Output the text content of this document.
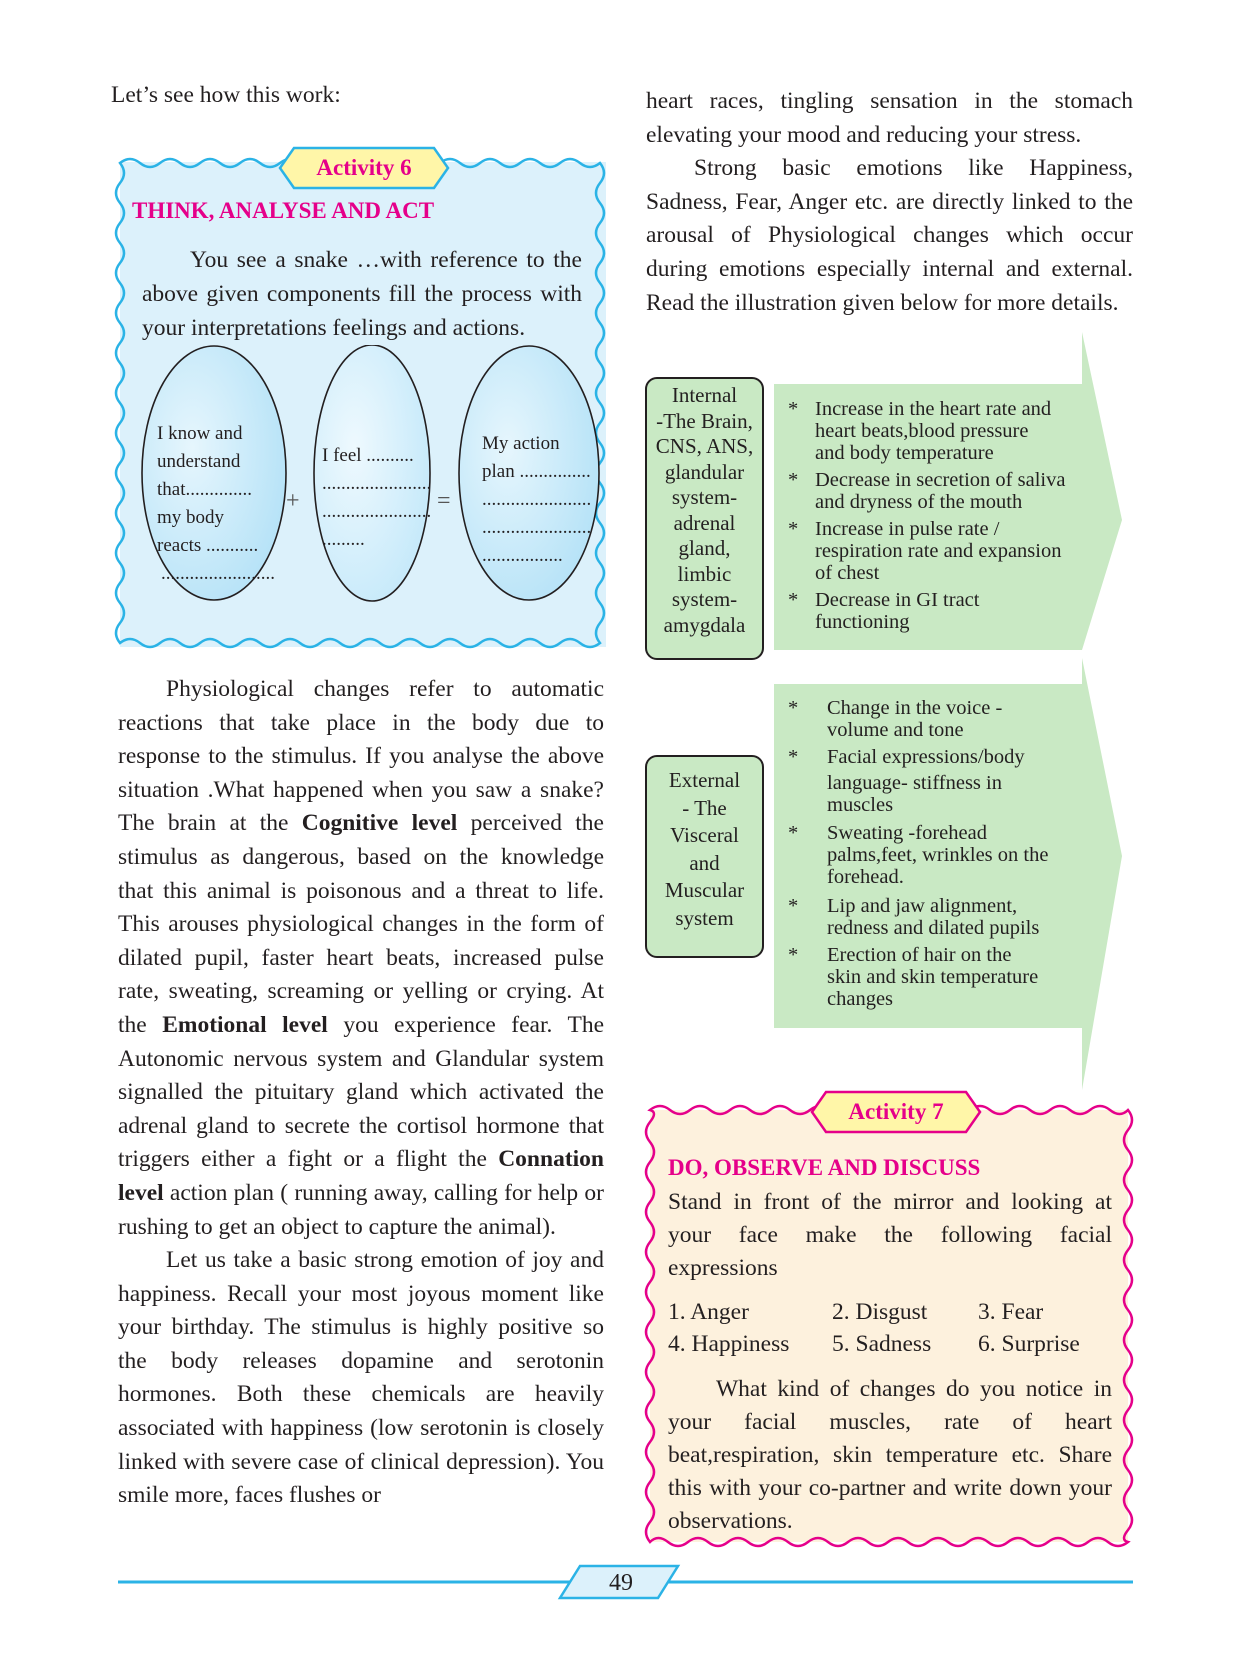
Let’s see how this work:
Activity 6
THINK, ANALYSE AND ACT

You see a snake …with reference to the above given components fill the process with your interpretations feelings and actions.

+	=
I know and
understand
that..............
my body
reacts ...........
........................
I feel ..........
.......................
.......................
.........
My action
plan ...............
.......................
.......................
.................

Physiological changes refer to automatic reactions that take place in the body due to response to the stimulus. If you analyse the above situation .What happened when you saw a snake? The brain at the Cognitive level perceived the stimulus as dangerous, based on the knowledge that this animal is poisonous and a threat to life. This arouses physiological changes in the form of dilated pupil, faster heart beats, increased pulse rate, sweating, screaming or yelling or crying. At the Emotional level you experience fear. The Autonomic nervous system and Glandular system signalled the pituitary gland which activated the adrenal gland to secrete the cortisol hormone that triggers either a fight or a flight the Connation level action plan ( running away, calling for help or rushing to get an object to capture the animal).

Let us take a basic strong emotion of joy and happiness. Recall your most joyous moment like your birthday. The stimulus is highly positive so the body releases dopamine and serotonin hormones. Both these chemicals are heavily associated with happiness (low serotonin is closely linked with severe case of clinical depression). You smile more, faces flushes or

heart races, tingling sensation in the stomach elevating your mood and reducing your stress.

Strong basic emotions like Happiness, Sadness, Fear, Anger etc. are directly linked to the arousal of Physiological changes which occur during emotions especially internal and external. Read the illustration given below for more details.

Internal
-The Brain,
CNS, ANS,
glandular
system-
adrenal
gland,
limbic
system-
amygdala
External
- The
Visceral
and
Muscular
system
* Increase in the heart rate and
heart beats,blood pressure
and body temperature
* Decrease in secretion of saliva
and dryness of the mouth
* Increase in pulse rate /
respiration rate and expansion
of chest
* Decrease in GI tract
functioning
* Change in the voice -
volume and tone
* Facial expressions/body
language- stiffness in
muscles
* Sweating -forehead
palms,feet, wrinkles on the
forehead.
* Lip and jaw alignment,
redness and dilated pupils
* Erection of hair on the
skin and skin temperature
changes
Activity 7
DO, OBSERVE AND DISCUSS

Stand in front of the mirror and looking at your face make the following facial expressions

1. Anger	2. Disgust 3. Fear
4. Happiness 5. Sadness 6. Surprise

What kind of changes do you notice in your facial muscles, rate of heart beat,respiration, skin temperature etc. Share this with your co-partner and write down your observations.

49
